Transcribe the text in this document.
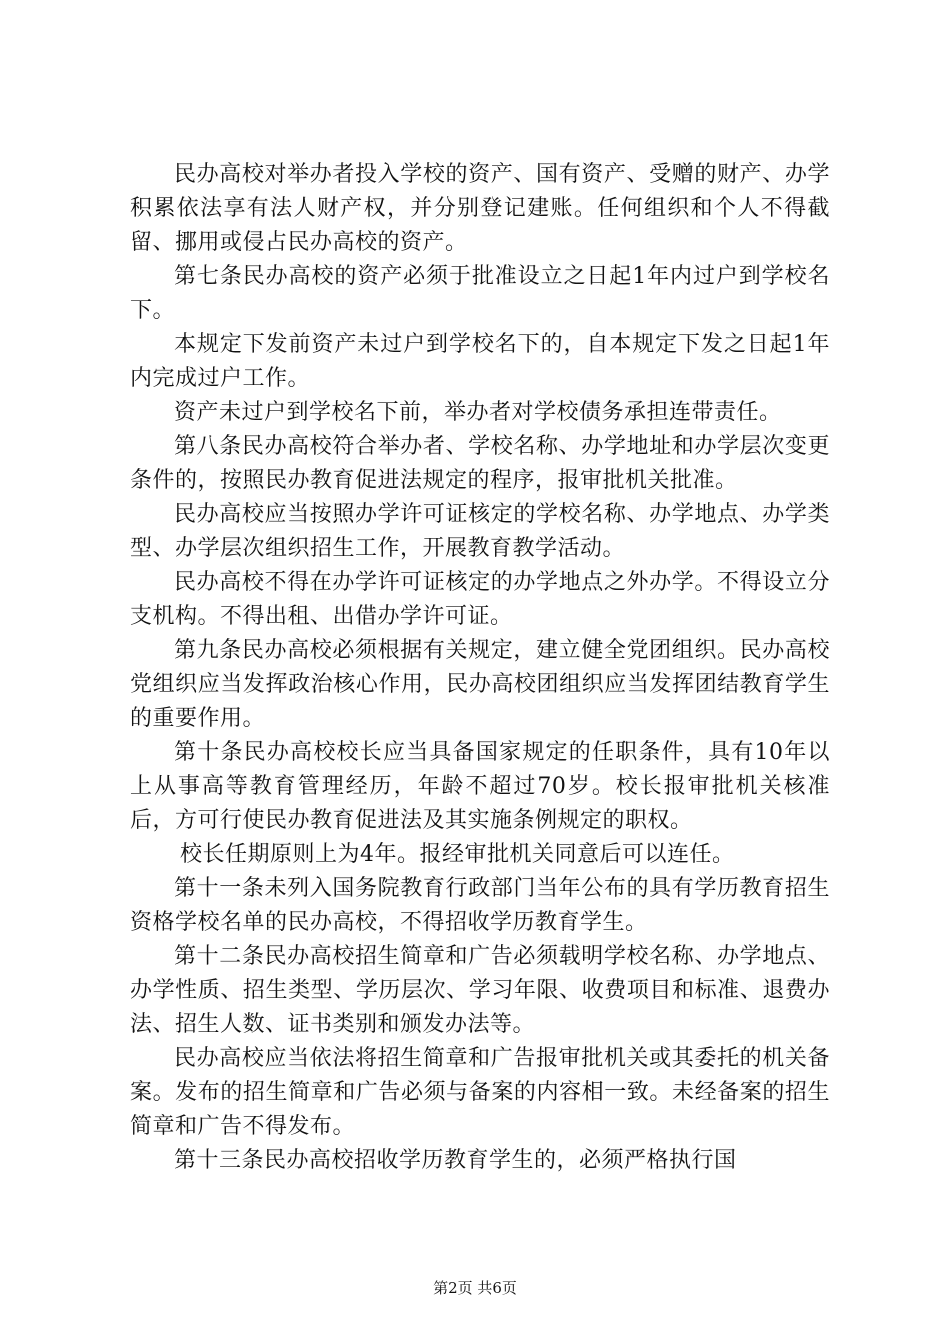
民办高校对举办者投入学校的资产、国有资产、受赠的财产、办学积累依法享有法人财产权，并分别登记建账。任何组织和个人不得截留、挪用或侵占民办高校的资产。

第七条民办高校的资产必须于批准设立之日起1年内过户到学校名下。

本规定下发前资产未过户到学校名下的，自本规定下发之日起1年内完成过户工作。

资产未过户到学校名下前，举办者对学校债务承担连带责任。

第八条民办高校符合举办者、学校名称、办学地址和办学层次变更条件的，按照民办教育促进法规定的程序，报审批机关批准。

民办高校应当按照办学许可证核定的学校名称、办学地点、办学类型、办学层次组织招生工作，开展教育教学活动。

民办高校不得在办学许可证核定的办学地点之外办学。不得设立分支机构。不得出租、出借办学许可证。

第九条民办高校必须根据有关规定，建立健全党团组织。民办高校党组织应当发挥政治核心作用，民办高校团组织应当发挥团结教育学生的重要作用。

第十条民办高校校长应当具备国家规定的任职条件，具有10年以上从事高等教育管理经历，年龄不超过70岁。校长报审批机关核准后，方可行使民办教育促进法及其实施条例规定的职权。

校长任期原则上为4年。报经审批机关同意后可以连任。

第十一条未列入国务院教育行政部门当年公布的具有学历教育招生资格学校名单的民办高校，不得招收学历教育学生。

第十二条民办高校招生简章和广告必须载明学校名称、办学地点、办学性质、招生类型、学历层次、学习年限、收费项目和标准、退费办法、招生人数、证书类别和颁发办法等。

民办高校应当依法将招生简章和广告报审批机关或其委托的机关备案。发布的招生简章和广告必须与备案的内容相一致。未经备案的招生简章和广告不得发布。

第十三条民办高校招收学历教育学生的，必须严格执行国

第2页 共6页
